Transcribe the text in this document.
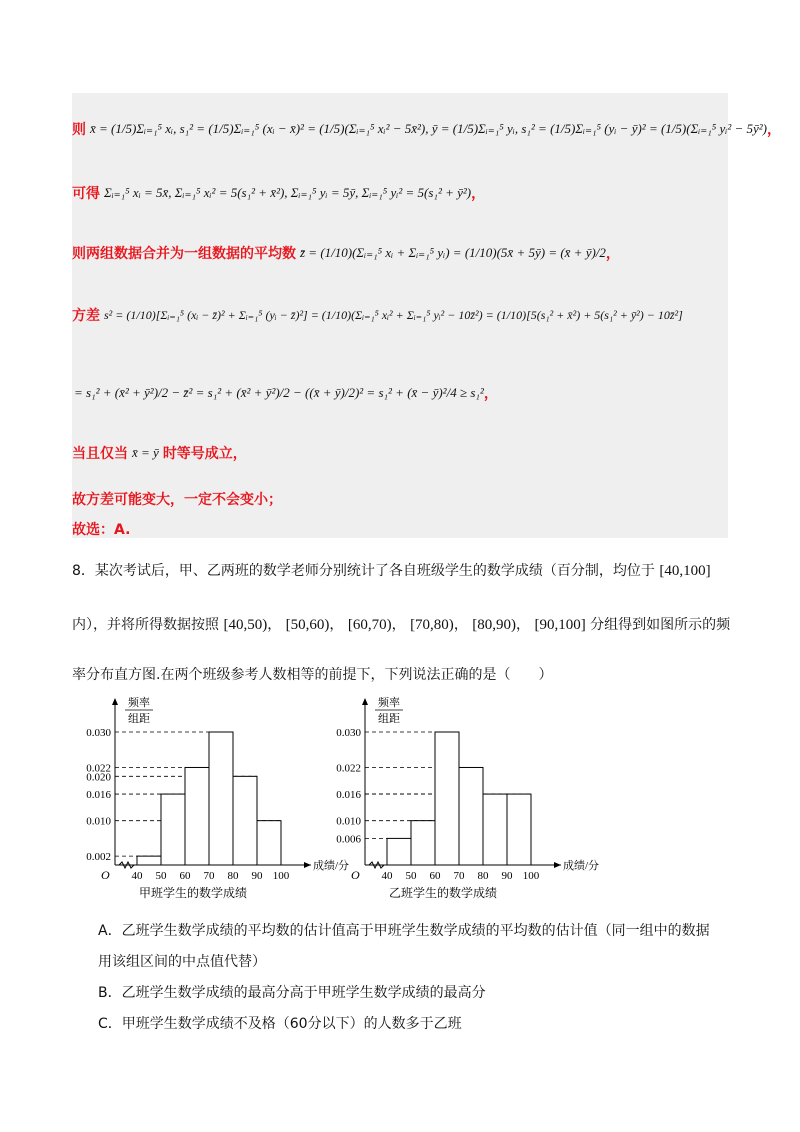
则 x̄ = (1/5)Σᵢ₌₁⁵ xᵢ, s₁² = (1/5)Σᵢ₌₁⁵ (xᵢ − x̄)² = (1/5)(Σᵢ₌₁⁵ xᵢ² − 5x̄²), ȳ = (1/5)Σᵢ₌₁⁵ yᵢ, s₁² = (1/5)Σᵢ₌₁⁵ (yᵢ − ȳ)² = (1/5)(Σᵢ₌₁⁵ yᵢ² − 5ȳ²) ，
可得 Σᵢ₌₁⁵ xᵢ = 5x̄, Σᵢ₌₁⁵ xᵢ² = 5(s₁² + x̄²), Σᵢ₌₁⁵ yᵢ = 5ȳ, Σᵢ₌₁⁵ yᵢ² = 5(s₁² + ȳ²) ，
则两组数据合并为一组数据的平均数 z̄ = (1/10)(Σᵢ₌₁⁵ xᵢ + Σᵢ₌₁⁵ yᵢ) = (1/10)(5x̄ + 5ȳ) = (x̄ + ȳ)/2 ，
方差 s² = (1/10)[Σᵢ₌₁⁵ (xᵢ − z̄)² + Σᵢ₌₁⁵ (yᵢ − z̄)²] = (1/10)(Σᵢ₌₁⁵ xᵢ² + Σᵢ₌₁⁵ yᵢ² − 10z̄²) = (1/10)[5(s₁² + x̄²) + 5(s₁² + ȳ²) − 10z̄²]
= s₁² + (x̄² + ȳ²)/2 − z̄² = s₁² + (x̄² + ȳ²)/2 − ((x̄ + ȳ)/2)² = s₁² + (x̄ − ȳ)²/4 ≥ s₁² ，
当且仅当 x̄ = ȳ 时等号成立，
故方差可能变大，一定不会变小；
故选：A.
8．某次考试后，甲、乙两班的数学老师分别统计了各自班级学生的数学成绩（百分制，均位于 [40,100]
内），并将所得数据按照 [40,50)， [50,60)， [60,70)， [70,80)， [80,90)， [90,100] 分组得到如图所示的频
率分布直方图.在两个班级参考人数相等的前提下，下列说法正确的是（　　）
0.002
0.010
0.016
0.020
0.022
0.030
40 50 60 70 80 90 100
O
频率
组距
成绩/分
甲班学生的数学成绩
0.006
0.010
0.016
0.022
0.030
40 50 60 70 80 90 100
O
频率
组距
成绩/分
乙班学生的数学成绩
A．乙班学生数学成绩的平均数的估计值高于甲班学生数学成绩的平均数的估计值（同一组中的数据
用该组区间的中点值代替）
B．乙班学生数学成绩的最高分高于甲班学生数学成绩的最高分
C．甲班学生数学成绩不及格（60分以下）的人数多于乙班
